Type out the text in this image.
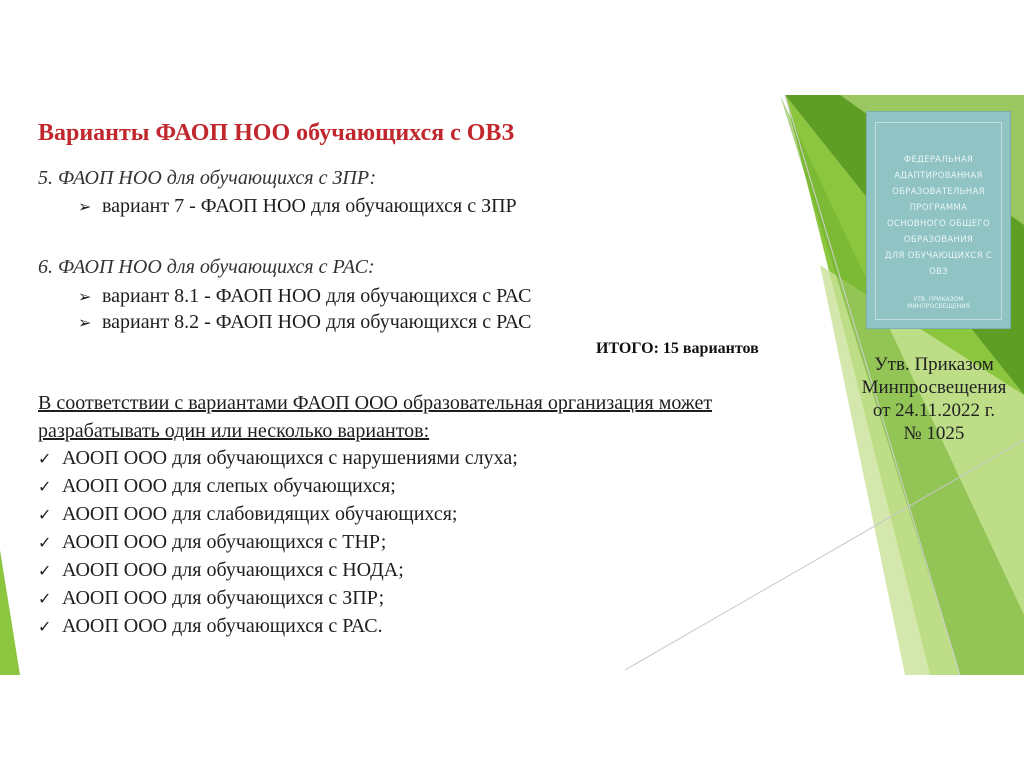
Варианты ФАОП НОО обучающихся с ОВЗ
5. ФАОП НОО для обучающихся с ЗПР:
➢ вариант 7 - ФАОП НОО для обучающихся с ЗПР
6. ФАОП НОО для обучающихся с РАС:
➢ вариант 8.1 - ФАОП НОО для обучающихся с РАС
➢ вариант 8.2 - ФАОП НОО для обучающихся с РАС
ИТОГО: 15 вариантов
В соответствии с вариантами ФАОП ООО образовательная организация может
разрабатывать один или несколько вариантов:
✓ АООП ООО для обучающихся с нарушениями слуха;
✓ АООП ООО для слепых обучающихся;
✓ АООП ООО для слабовидящих обучающихся;
✓ АООП ООО для обучающихся с ТНР;
✓ АООП ООО для обучающихся с НОДА;
✓ АООП ООО для обучающихся с ЗПР;
✓ АООП ООО для обучающихся с РАС.
ФЕДЕРАЛЬНАЯ
АДАПТИРОВАННАЯ
ОБРАЗОВАТЕЛЬНАЯ ПРОГРАММА
ОСНОВНОГО ОБЩЕГО
ОБРАЗОВАНИЯ
ДЛЯ ОБУЧАЮЩИХСЯ С ОВЗ
УТВ. ПРИКАЗОМ МИНПРОСВЕЩЕНИЯ
Утв. Приказом
Минпросвещения
от 24.11.2022 г.
№ 1025
